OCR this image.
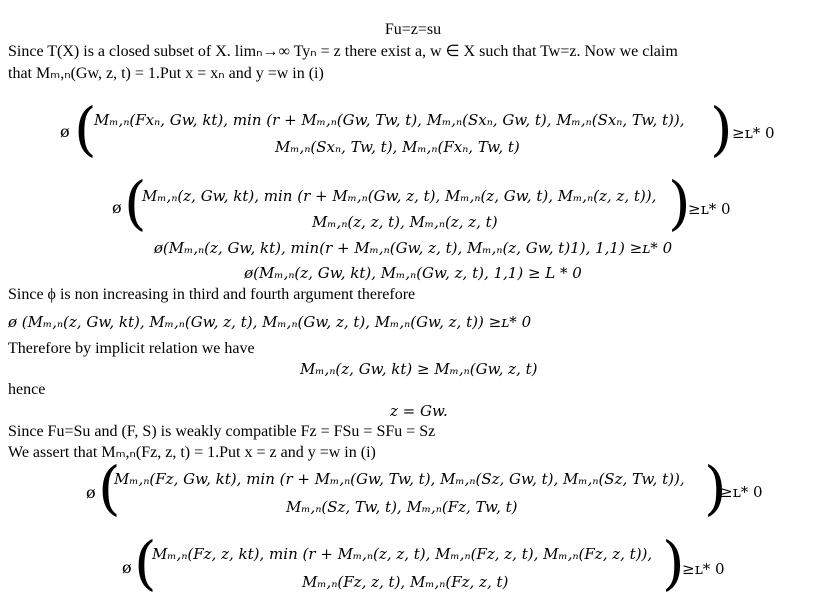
Fu=z=su
Since T(X) is a closed subset of X. limₙ→∞ Tyₙ = z there exist a, w ∈ X such that Tw=z. Now we claim
that Mₘ,ₙ(Gw, z, t) = 1.Put x = xₙ and y =w in (i)
ø (
Mₘ,ₙ(Fxₙ, Gw, kt), min (r + Mₘ,ₙ(Gw, Tw, t), Mₘ,ₙ(Sxₙ, Gw, t), Mₘ,ₙ(Sxₙ, Tw, t)),
Mₘ,ₙ(Sxₙ, Tw, t), Mₘ,ₙ(Fxₙ, Tw, t)	) ≥ʟ* 0
ø (
Mₘ,ₙ(z, Gw, kt), min (r + Mₘ,ₙ(Gw, z, t), Mₘ,ₙ(z, Gw, t), Mₘ,ₙ(z, z, t)),
Mₘ,ₙ(z, z, t), Mₘ,ₙ(z, z, t)	)
≥ʟ* 0
ø(Mₘ,ₙ(z, Gw, kt), min(r + Mₘ,ₙ(Gw, z, t), Mₘ,ₙ(z, Gw, t)1), 1,1) ≥ʟ* 0
ø(Mₘ,ₙ(z, Gw, kt), Mₘ,ₙ(Gw, z, t), 1,1) ≥ L * 0
Since ϕ is non increasing in third and fourth argument therefore
ø (Mₘ,ₙ(z, Gw, kt), Mₘ,ₙ(Gw, z, t), Mₘ,ₙ(Gw, z, t), Mₘ,ₙ(Gw, z, t)) ≥ʟ* 0
Therefore by implicit relation we have
Mₘ,ₙ(z, Gw, kt) ≥ Mₘ,ₙ(Gw, z, t)
hence
z = Gw.
Since Fu=Su and (F, S) is weakly compatible Fz = FSu = SFu = Sz
We assert that Mₘ,ₙ(Fz, z, t) = 1.Put x = z and y =w in (i)
ø (
Mₘ,ₙ(Fz, Gw, kt), min (r + Mₘ,ₙ(Gw, Tw, t), Mₘ,ₙ(Sz, Gw, t), Mₘ,ₙ(Sz, Tw, t)),
Mₘ,ₙ(Sz, Tw, t), Mₘ,ₙ(Fz, Tw, t)	)
≥ʟ* 0
ø (
Mₘ,ₙ(Fz, z, kt), min (r + Mₘ,ₙ(z, z, t), Mₘ,ₙ(Fz, z, t), Mₘ,ₙ(Fz, z, t)),
Mₘ,ₙ(Fz, z, t), Mₘ,ₙ(Fz, z, t)	)
≥ʟ* 0
